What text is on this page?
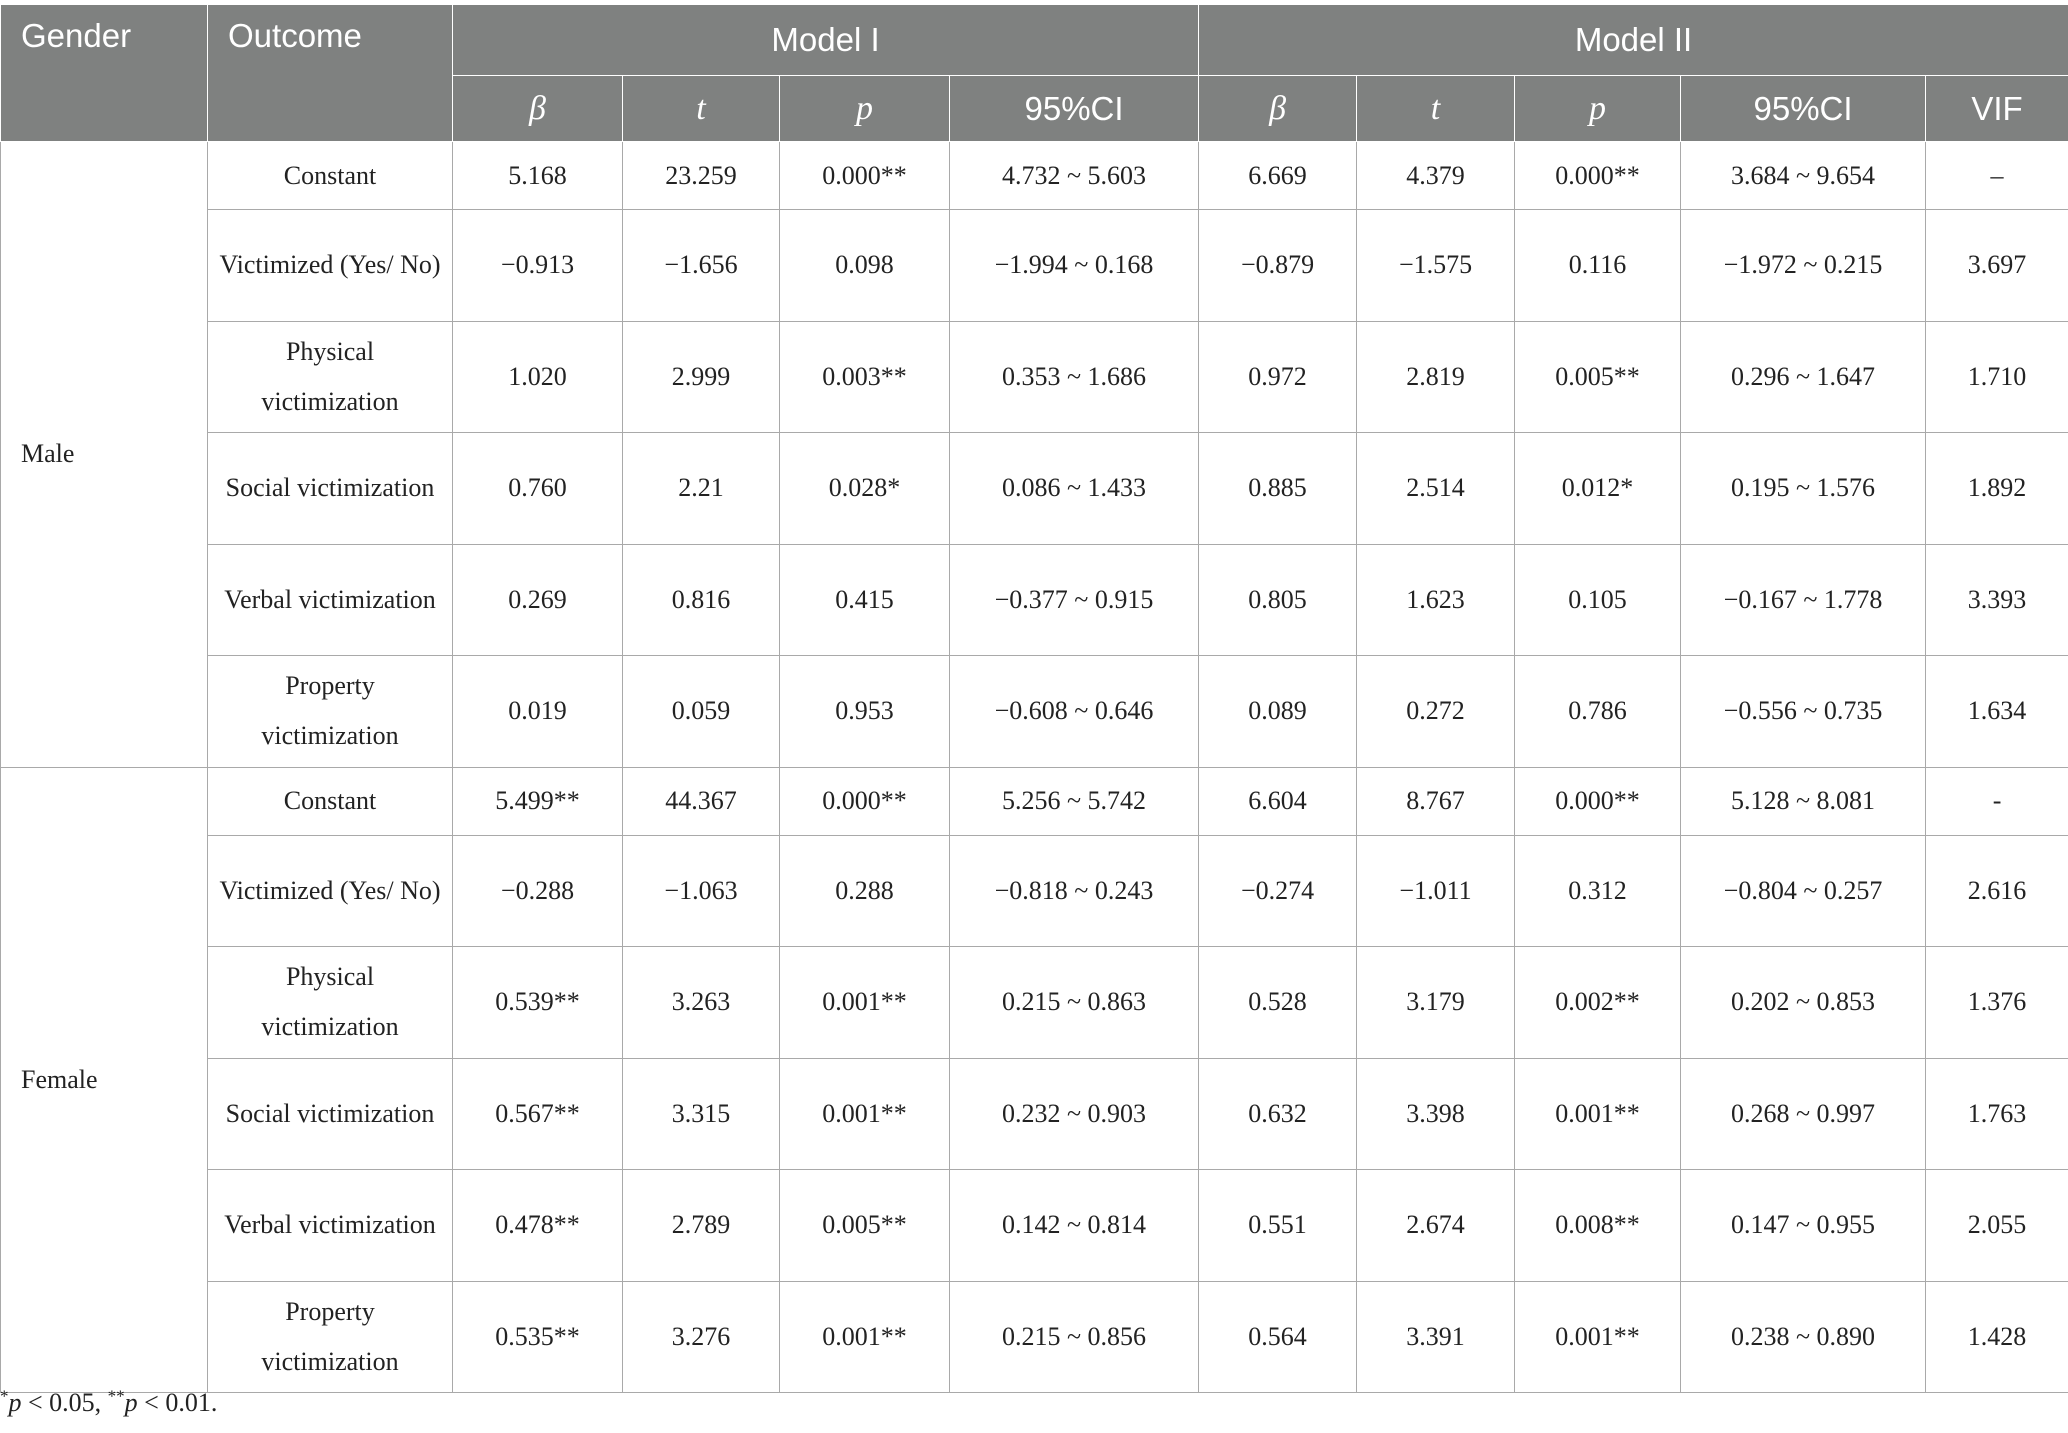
Gender	Outcome	Model I				Model II				
		β	t	p	95%CI	β	t	p	95%CI	VIF
Male	Constant	5.168	23.259	0.000**	4.732 ~ 5.603	6.669	4.379	0.000**	3.684 ~ 9.654	–
	Victimized (Yes/ No)	−0.913	−1.656	0.098	−1.994 ~ 0.168	−0.879	−1.575	0.116	−1.972 ~ 0.215	3.697
	Physical victimization	1.020	2.999	0.003**	0.353 ~ 1.686	0.972	2.819	0.005**	0.296 ~ 1.647	1.710
	Social victimization	0.760	2.21	0.028*	0.086 ~ 1.433	0.885	2.514	0.012*	0.195 ~ 1.576	1.892
	Verbal victimization	0.269	0.816	0.415	−0.377 ~ 0.915	0.805	1.623	0.105	−0.167 ~ 1.778	3.393
	Property victimization	0.019	0.059	0.953	−0.608 ~ 0.646	0.089	0.272	0.786	−0.556 ~ 0.735	1.634
Female	Constant	5.499**	44.367	0.000**	5.256 ~ 5.742	6.604	8.767	0.000**	5.128 ~ 8.081	-
	Victimized (Yes/ No)	−0.288	−1.063	0.288	−0.818 ~ 0.243	−0.274	−1.011	0.312	−0.804 ~ 0.257	2.616
	Physical victimization	0.539**	3.263	0.001**	0.215 ~ 0.863	0.528	3.179	0.002**	0.202 ~ 0.853	1.376
	Social victimization	0.567**	3.315	0.001**	0.232 ~ 0.903	0.632	3.398	0.001**	0.268 ~ 0.997	1.763
	Verbal victimization	0.478**	2.789	0.005**	0.142 ~ 0.814	0.551	2.674	0.008**	0.147 ~ 0.955	2.055
	Property victimization	0.535**	3.276	0.001**	0.215 ~ 0.856	0.564	3.391	0.001**	0.238 ~ 0.890	1.428
*p < 0.05, **p < 0.01.
